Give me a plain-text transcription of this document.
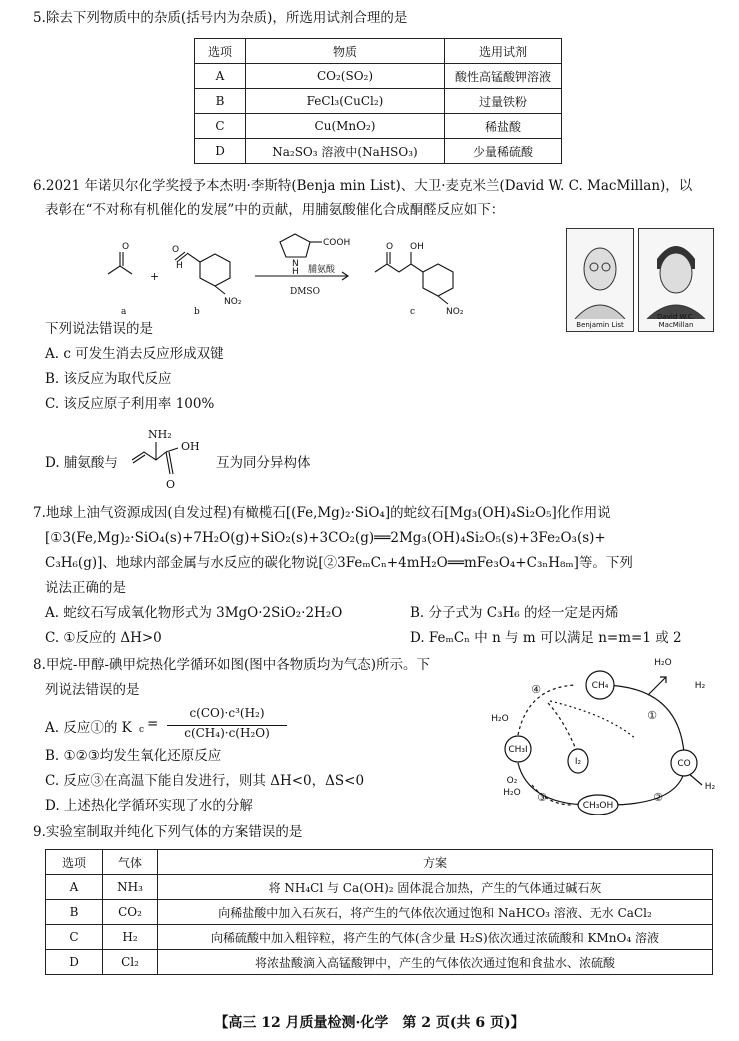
5.除去下列物质中的杂质(括号内为杂质)，所选用试剂合理的是
选项	物质	选用试剂
A	CO₂(SO₂)	酸性高锰酸钾溶液
B	FeCl₃(CuCl₂)	过量铁粉
C	Cu(MnO₂)	稀盐酸
D	Na₂SO₃ 溶液中(NaHSO₃)	少量稀硫酸
6.2021 年诺贝尔化学奖授予本杰明·李斯特(Benja min List)、大卫·麦克米兰(David W. C. MacMillan)，以
表彰在“不对称有机催化的发展”中的贡献，用脯氨酸催化合成酮醛反应如下：
O	O
H
NO₂
COOH
N
H
O OH
NO₂
a
+
b
脯氨酸
DMSO
c
Benjamin List
David W.C. MacMillan
下列说法错误的是
A. c 可发生消去反应形成双键
B. 该反应为取代反应
C. 该反应原子利用率 100%
D. 脯氨酸与
NH₂
OH
O
互为同分异构体
7.地球上油气资源成因(自发过程)有橄榄石[(Fe,Mg)₂·SiO₄]的蛇纹石[Mg₃(OH)₄Si₂O₅]化作用说
[①3(Fe,Mg)₂·SiO₄(s)+7H₂O(g)+SiO₂(s)+3CO₂(g)══2Mg₃(OH)₄Si₂O₅(s)+3Fe₂O₃(s)+
C₃H₆(g)]、地球内部金属与水反应的碳化物说[②3FeₘCₙ+4mH₂O══mFe₃O₄+C₃ₙH₈ₘ]等。下列
说法正确的是
A. 蛇纹石写成氧化物形式为 3MgO·2SiO₂·2H₂O	B. 分子式为 C₃H₆ 的烃一定是丙烯
C. ①反应的 ΔH>0	D. FeₘCₙ 中 n 与 m 可以满足 n=m=1 或 2
8.甲烷-甲醇-碘甲烷热化学循环如图(图中各物质均为气态)所示。下
列说法错误的是
A. 反应①的 K c =
c(CO)·c³(H₂)
c(CH₄)·c(H₂O)
B. ①②③均发生氧化还原反应
C. 反应③在高温下能自发进行，则其 ΔH<0，ΔS<0
D. 上述热化学循环实现了水的分解
CH₄
CO
CH₃OH
CH₃I
I₂
H₂O
H₂
H₂
H₂O
O₂
H₂O
①
②
③
④
9.实验室制取并纯化下列气体的方案错误的是
选项	气体	方案
A	NH₃	将 NH₄Cl 与 Ca(OH)₂ 固体混合加热，产生的气体通过碱石灰
B	CO₂	向稀盐酸中加入石灰石，将产生的气体依次通过饱和 NaHCO₃ 溶液、无水 CaCl₂
C	H₂	向稀硫酸中加入粗锌粒，将产生的气体(含少量 H₂S)依次通过浓硫酸和 KMnO₄ 溶液
D	Cl₂	将浓盐酸滴入高锰酸钾中，产生的气体依次通过饱和食盐水、浓硫酸
【高三 12 月质量检测·化学　第 2 页(共 6 页)】
